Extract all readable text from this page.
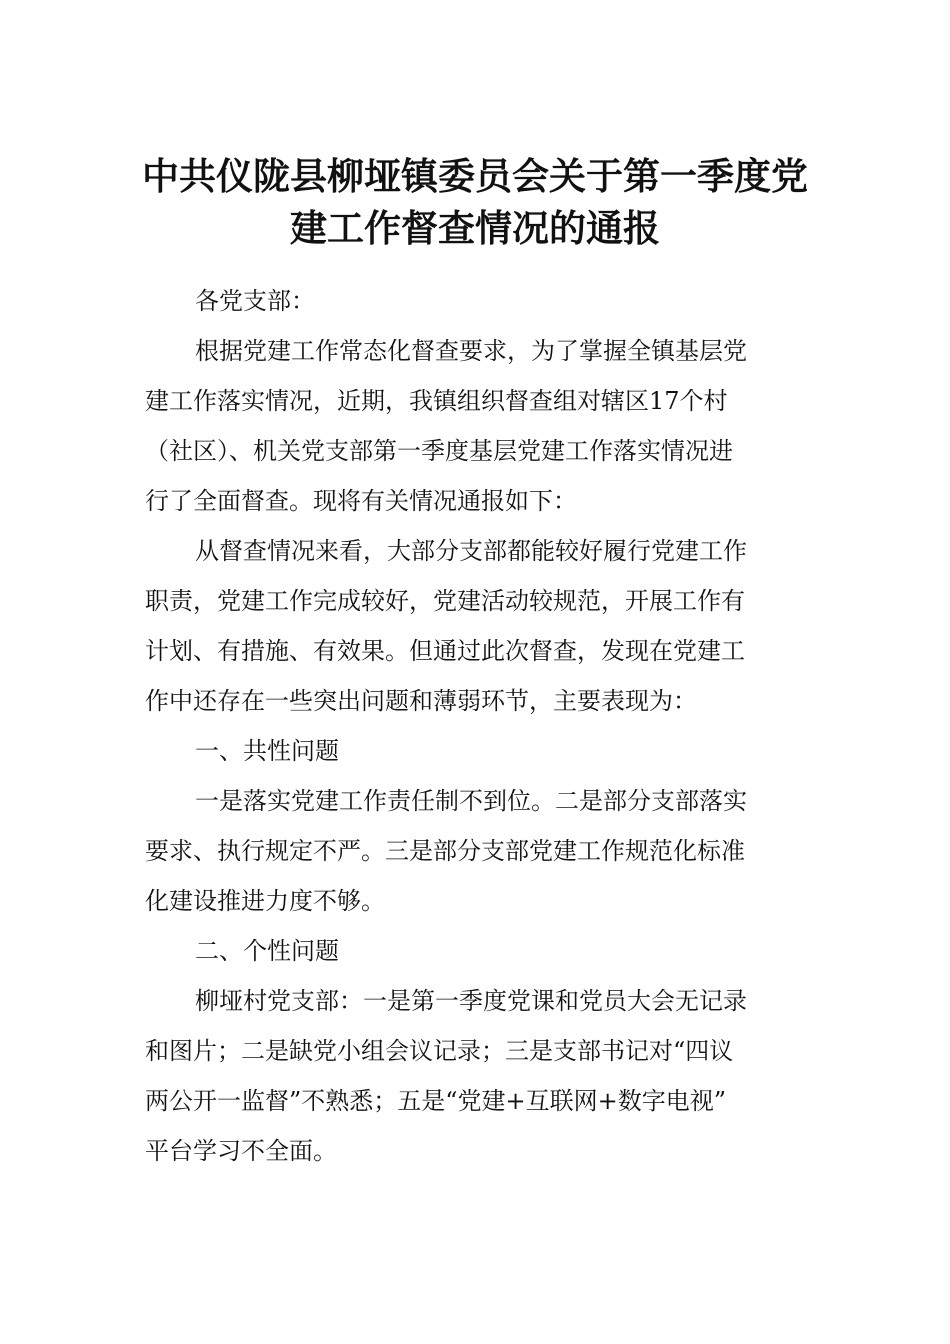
中共仪陇县柳垭镇委员会关于第一季度党
建工作督查情况的通报
各党支部：
根据党建工作常态化督查要求，为了掌握全镇基层党
建工作落实情况，近期，我镇组织督查组对辖区17个村
（社区）、机关党支部第一季度基层党建工作落实情况进
行了全面督查。现将有关情况通报如下：
从督查情况来看，大部分支部都能较好履行党建工作
职责，党建工作完成较好，党建活动较规范，开展工作有
计划、有措施、有效果。但通过此次督查，发现在党建工
作中还存在一些突出问题和薄弱环节，主要表现为：
一、共性问题
一是落实党建工作责任制不到位。二是部分支部落实
要求、执行规定不严。三是部分支部党建工作规范化标准
化建设推进力度不够。
二、个性问题
柳垭村党支部：一是第一季度党课和党员大会无记录
和图片；二是缺党小组会议记录；三是支部书记对“四议
两公开一监督”不熟悉；五是“党建+互联网+数字电视”
平台学习不全面。
